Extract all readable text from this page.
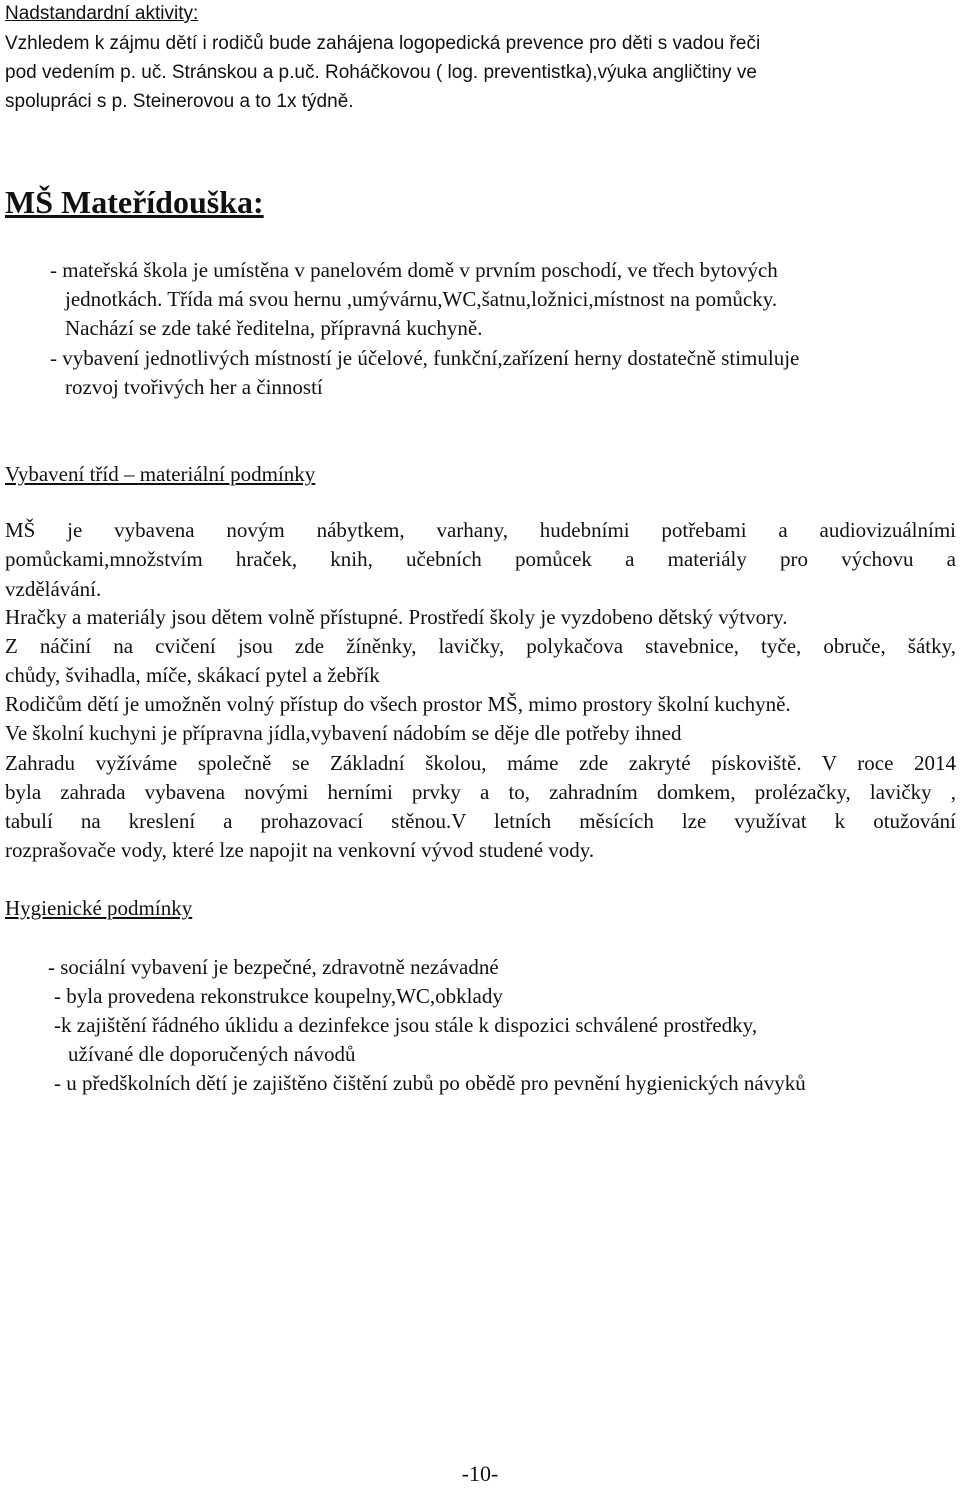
Nadstandardní aktivity:
Vzhledem k zájmu dětí i rodičů bude zahájena logopedická prevence pro děti s vadou řeči
pod vedením p. uč. Stránskou a p.uč. Roháčkovou ( log. preventistka),výuka angličtiny ve
spolupráci s p. Steinerovou a to 1x týdně.
MŠ Mateřídouška:
- mateřská škola je umístěna v panelovém domě v prvním poschodí, ve třech bytových
jednotkách. Třída má svou hernu ,umývárnu,WC,šatnu,ložnici,místnost na pomůcky.
Nachází se zde také ředitelna, přípravná kuchyně.
- vybavení jednotlivých místností je účelové, funkční,zařízení herny dostatečně stimuluje
rozvoj tvořivých her a činností
Vybavení tříd – materiální podmínky
MŠ je vybavena novým nábytkem, varhany, hudebními potřebami a audiovizuálními
pomůckami,množstvím hraček, knih, učebních pomůcek a materiály pro výchovu a
vzdělávání.
Hračky a materiály jsou dětem volně přístupné. Prostředí školy je vyzdobeno dětský výtvory.
Z náčiní na cvičení jsou zde žíněnky, lavičky, polykačova stavebnice, tyče, obruče, šátky,
chůdy, švihadla, míče, skákací pytel a žebřík
Rodičům dětí je umožněn volný přístup do všech prostor MŠ, mimo prostory školní kuchyně.
Ve školní kuchyni je přípravna jídla,vybavení nádobím se děje dle potřeby ihned
Zahradu vyžíváme společně se Základní školou, máme zde zakryté pískoviště. V roce 2014
byla zahrada vybavena novými herními prvky a to, zahradním domkem, prolézačky, lavičky ,
tabulí na kreslení a prohazovací stěnou.V letních měsících lze využívat k otužování
rozprašovače vody, které lze napojit na venkovní vývod studené vody.
Hygienické podmínky
- sociální vybavení je bezpečné, zdravotně nezávadné
- byla provedena rekonstrukce koupelny,WC,obklady
-k zajištění řádného úklidu a dezinfekce jsou stále k dispozici schválené prostředky,
užívané dle doporučených návodů
- u předškolních dětí je zajištěno čištění zubů po obědě pro pevnění hygienických návyků
-10-
